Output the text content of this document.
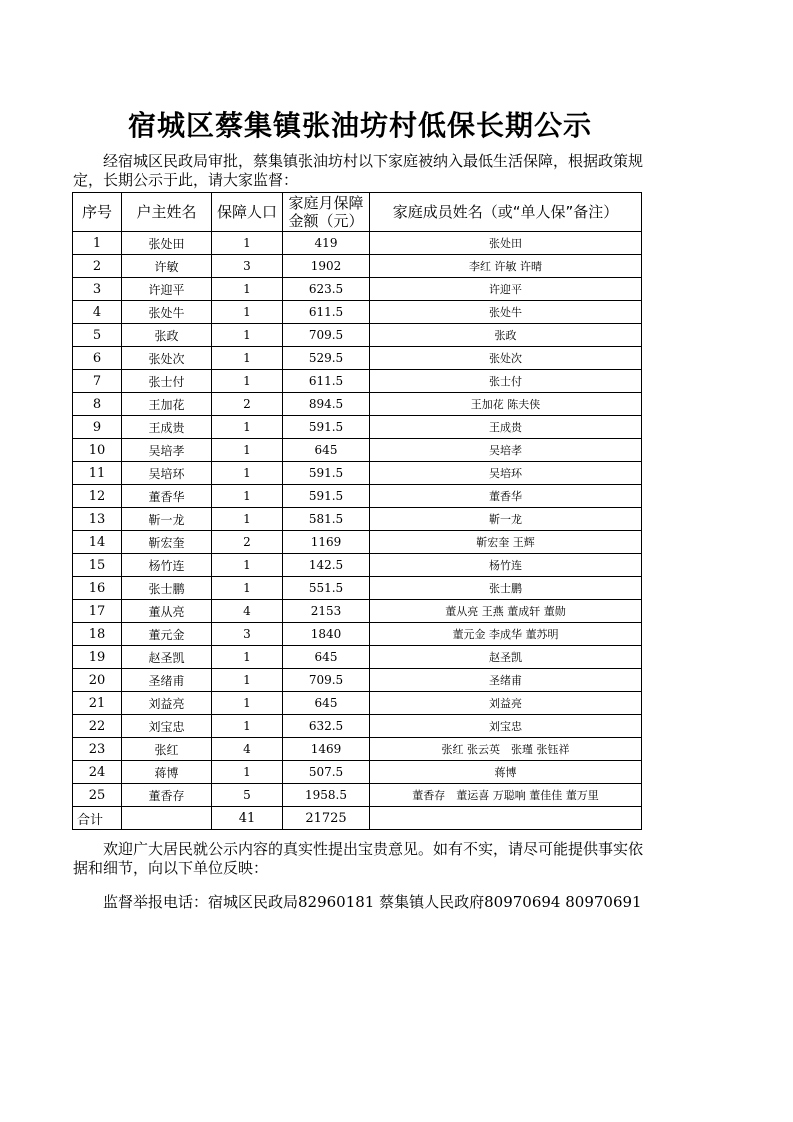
宿城区蔡集镇张油坊村低保长期公示
经宿城区民政局审批，蔡集镇张油坊村以下家庭被纳入最低生活保障，根据政策规定，长期公示于此，请大家监督：
序号	户主姓名	保障人口	家庭月保障金额（元）	家庭成员姓名（或“单人保”备注）
1	张处田	1	419	张处田
2	许敏	3	1902	李红 许敏 许晴
3	许迎平	1	623.5	许迎平
4	张处牛	1	611.5	张处牛
5	张政	1	709.5	张政
6	张处次	1	529.5	张处次
7	张士付	1	611.5	张士付
8	王加花	2	894.5	王加花 陈夫侠
9	王成贵	1	591.5	王成贵
10	吴培孝	1	645	吴培孝
11	吴培环	1	591.5	吴培环
12	董香华	1	591.5	董香华
13	靳一龙	1	581.5	靳一龙
14	靳宏奎	2	1169	靳宏奎 王辉
15	杨竹连	1	142.5	杨竹连
16	张士鹏	1	551.5	张士鹏
17	董从亮	4	2153	董从亮 王燕 董成轩 董勋
18	董元金	3	1840	董元金 李成华 董苏明
19	赵圣凯	1	645	赵圣凯
20	圣绪甫	1	709.5	圣绪甫
21	刘益亮	1	645	刘益亮
22	刘宝忠	1	632.5	刘宝忠
23	张红	4	1469	张红 张云英　张瑾 张钰祥
24	蒋博	1	507.5	蒋博
25	董香存	5	1958.5	董香存　董运喜 万聪响 董佳佳 董万里
合计		41	21725	
欢迎广大居民就公示内容的真实性提出宝贵意见。如有不实，请尽可能提供事实依据和细节，向以下单位反映：
监督举报电话：宿城区民政局82960181 蔡集镇人民政府80970694 80970691
